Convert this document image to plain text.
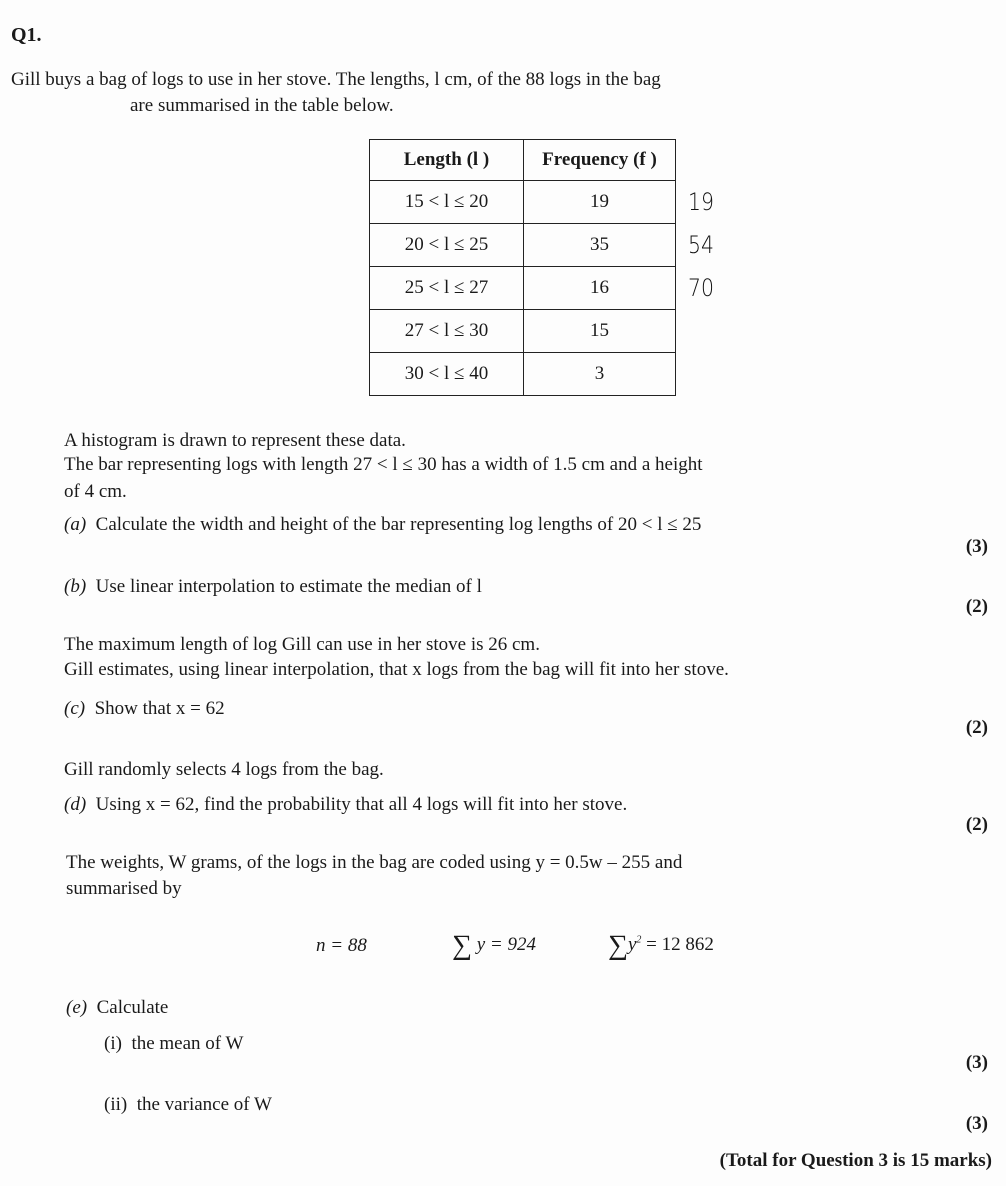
Q1.
Gill buys a bag of logs to use in her stove. The lengths, l cm, of the 88 logs in the bag
are summarised in the table below.
Length (l )	Frequency (f )
15 < l ≤ 20	19
20 < l ≤ 25	35
25 < l ≤ 27	16
27 < l ≤ 30	15
30 < l ≤ 40	3
19
54
70
A histogram is drawn to represent these data.
The bar representing logs with length 27 < l ≤ 30 has a width of 1.5 cm and a height
of 4 cm.
(a) Calculate the width and height of the bar representing log lengths of 20 < l ≤ 25
(3)
(b) Use linear interpolation to estimate the median of l
(2)
The maximum length of log Gill can use in her stove is 26 cm.
Gill estimates, using linear interpolation, that x logs from the bag will fit into her stove.
(c) Show that x = 62
(2)
Gill randomly selects 4 logs from the bag.
(d) Using x = 62, find the probability that all 4 logs will fit into her stove.
(2)
The weights, W grams, of the logs in the bag are coded using y = 0.5w – 255 and
summarised by
n = 88	∑ y = 924	$\sum y^2 = 12$ 862
(e) Calculate
(i) the mean of W
(3)
(ii) the variance of W
(3)
(Total for Question 3 is 15 marks)
